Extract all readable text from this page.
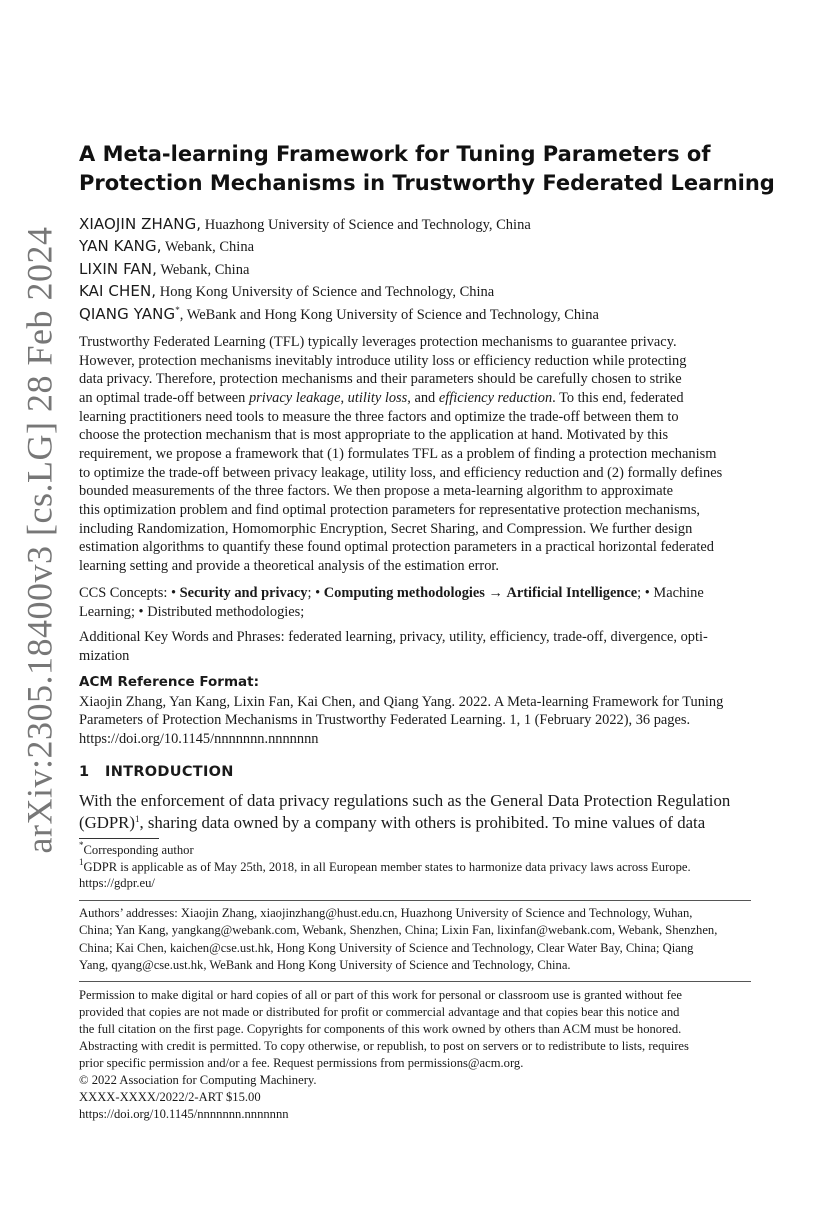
arXiv:2305.18400v3 [cs.LG] 28 Feb 2024
A Meta-learning Framework for Tuning Parameters of
Protection Mechanisms in Trustworthy Federated Learning
XIAOJIN ZHANG, Huazhong University of Science and Technology, China
YAN KANG, Webank, China
LIXIN FAN, Webank, China
KAI CHEN, Hong Kong University of Science and Technology, China
QIANG YANG*, WeBank and Hong Kong University of Science and Technology, China
Trustworthy Federated Learning (TFL) typically leverages protection mechanisms to guarantee privacy.
However, protection mechanisms inevitably introduce utility loss or efficiency reduction while protecting
data privacy. Therefore, protection mechanisms and their parameters should be carefully chosen to strike
an optimal trade-off between privacy leakage, utility loss, and efficiency reduction. To this end, federated
learning practitioners need tools to measure the three factors and optimize the trade-off between them to
choose the protection mechanism that is most appropriate to the application at hand. Motivated by this
requirement, we propose a framework that (1) formulates TFL as a problem of finding a protection mechanism
to optimize the trade-off between privacy leakage, utility loss, and efficiency reduction and (2) formally defines
bounded measurements of the three factors. We then propose a meta-learning algorithm to approximate
this optimization problem and find optimal protection parameters for representative protection mechanisms,
including Randomization, Homomorphic Encryption, Secret Sharing, and Compression. We further design
estimation algorithms to quantify these found optimal protection parameters in a practical horizontal federated
learning setting and provide a theoretical analysis of the estimation error.
CCS Concepts: • Security and privacy; • Computing methodologies → Artificial Intelligence; • Machine
Learning; • Distributed methodologies;
Additional Key Words and Phrases: federated learning, privacy, utility, efficiency, trade-off, divergence, opti-
mization
ACM Reference Format:
Xiaojin Zhang, Yan Kang, Lixin Fan, Kai Chen, and Qiang Yang. 2022. A Meta-learning Framework for Tuning
Parameters of Protection Mechanisms in Trustworthy Federated Learning. 1, 1 (February 2022), 36 pages.
https://doi.org/10.1145/nnnnnnn.nnnnnnn
1 INTRODUCTION
With the enforcement of data privacy regulations such as the General Data Protection Regulation
(GDPR)$^1$, sharing data owned by a company with others is prohibited. To mine values of data
*Corresponding author
$^1$GDPR is applicable as of May 25th, 2018, in all European member states to harmonize data privacy laws across Europe.
https://gdpr.eu/
Authors’ addresses: Xiaojin Zhang, xiaojinzhang@hust.edu.cn, Huazhong University of Science and Technology, Wuhan,
China; Yan Kang, yangkang@webank.com, Webank, Shenzhen, China; Lixin Fan, lixinfan@webank.com, Webank, Shenzhen,
China; Kai Chen, kaichen@cse.ust.hk, Hong Kong University of Science and Technology, Clear Water Bay, China; Qiang
Yang, qyang@cse.ust.hk, WeBank and Hong Kong University of Science and Technology, China.
Permission to make digital or hard copies of all or part of this work for personal or classroom use is granted without fee
provided that copies are not made or distributed for profit or commercial advantage and that copies bear this notice and
the full citation on the first page. Copyrights for components of this work owned by others than ACM must be honored.
Abstracting with credit is permitted. To copy otherwise, or republish, to post on servers or to redistribute to lists, requires
prior specific permission and/or a fee. Request permissions from permissions@acm.org.
© 2022 Association for Computing Machinery.
XXXX-XXXX/2022/2-ART $15.00
https://doi.org/10.1145/nnnnnnn.nnnnnnn
